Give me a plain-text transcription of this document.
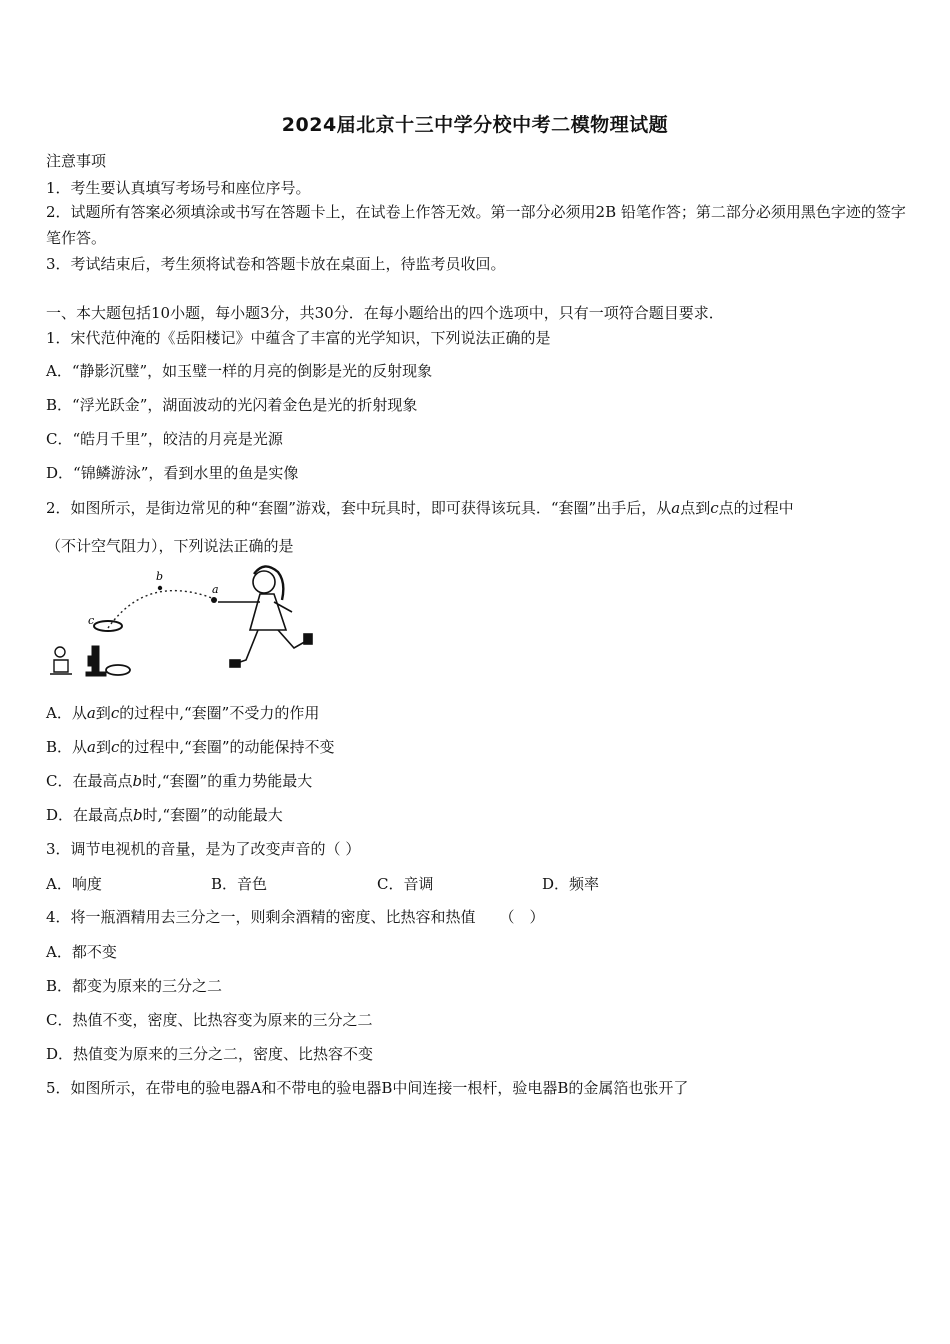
2024届北京十三中学分校中考二模物理试题
注意事项
1．考生要认真填写考场号和座位序号。
2．试题所有答案必须填涂或书写在答题卡上，在试卷上作答无效。第一部分必须用2B 铅笔作答；第二部分必须用黑色字迹的签字笔作答。
3．考试结束后，考生须将试卷和答题卡放在桌面上，待监考员收回。
一、本大题包括10小题，每小题3分，共30分．在每小题给出的四个选项中，只有一项符合题目要求．
1．宋代范仲淹的《岳阳楼记》中蕴含了丰富的光学知识，下列说法正确的是
A．“静影沉璧”，如玉璧一样的月亮的倒影是光的反射现象
B．“浮光跃金”，湖面波动的光闪着金色是光的折射现象
C．“皓月千里”，皎洁的月亮是光源
D．“锦鳞游泳”，看到水里的鱼是实像
2．如图所示，是街边常见的种“套圈”游戏，套中玩具时，即可获得该玩具．“套圈”出手后，从a点到c点的过程中
（不计空气阻力），下列说法正确的是
b
c
a
A．从a到c的过程中,“套圈”不受力的作用
B．从a到c的过程中,“套圈”的动能保持不变
C．在最高点b时,“套圈”的重力势能最大
D．在最高点b时,“套圈”的动能最大
3．调节电视机的音量，是为了改变声音的（ ）
A．响度	B．音色	C．音调	D．频率
4．将一瓶酒精用去三分之一，则剩余酒精的密度、比热容和热值 （　）
A．都不变
B．都变为原来的三分之二
C．热值不变，密度、比热容变为原来的三分之二
D．热值变为原来的三分之二，密度、比热容不变
5．如图所示，在带电的验电器A和不带电的验电器B中间连接一根杆，验电器B的金属箔也张开了
